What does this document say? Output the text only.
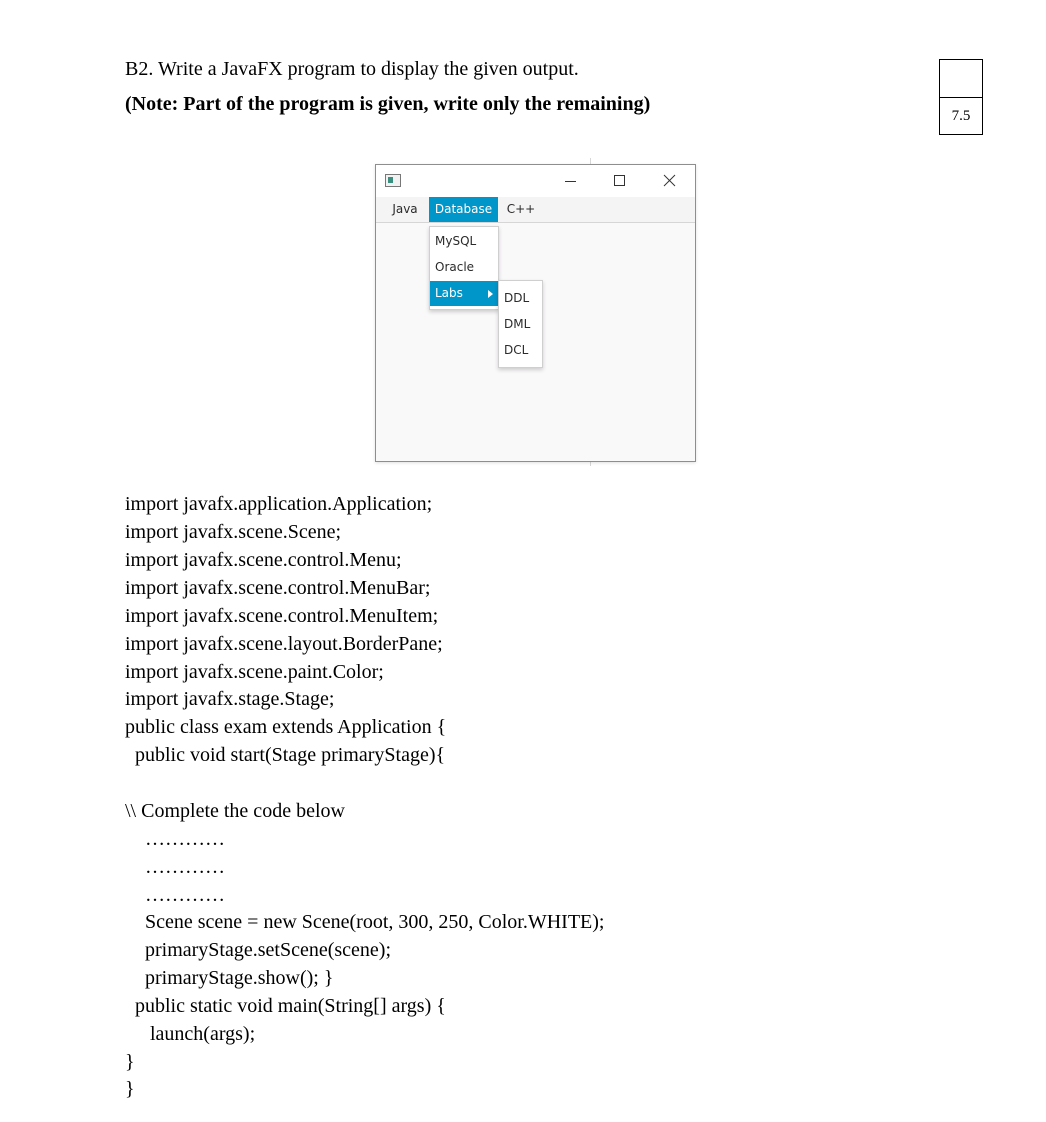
B2. Write a JavaFX program to display the given output.
(Note: Part of the program is given, write only the remaining)
7.5
Java	Database	C++
MySQL
Oracle
Labs	DDL
DML
DCL
import javafx.application.Application;
import javafx.scene.Scene;
import javafx.scene.control.Menu;
import javafx.scene.control.MenuBar;
import javafx.scene.control.MenuItem;
import javafx.scene.layout.BorderPane;
import javafx.scene.paint.Color;
import javafx.stage.Stage;
public class exam extends Application {
public void start(Stage primaryStage){
\\ Complete the code below
…………
…………
…………
Scene scene = new Scene(root, 300, 250, Color.WHITE);
primaryStage.setScene(scene);
primaryStage.show(); }
public static void main(String[] args) {
launch(args);
}
}
